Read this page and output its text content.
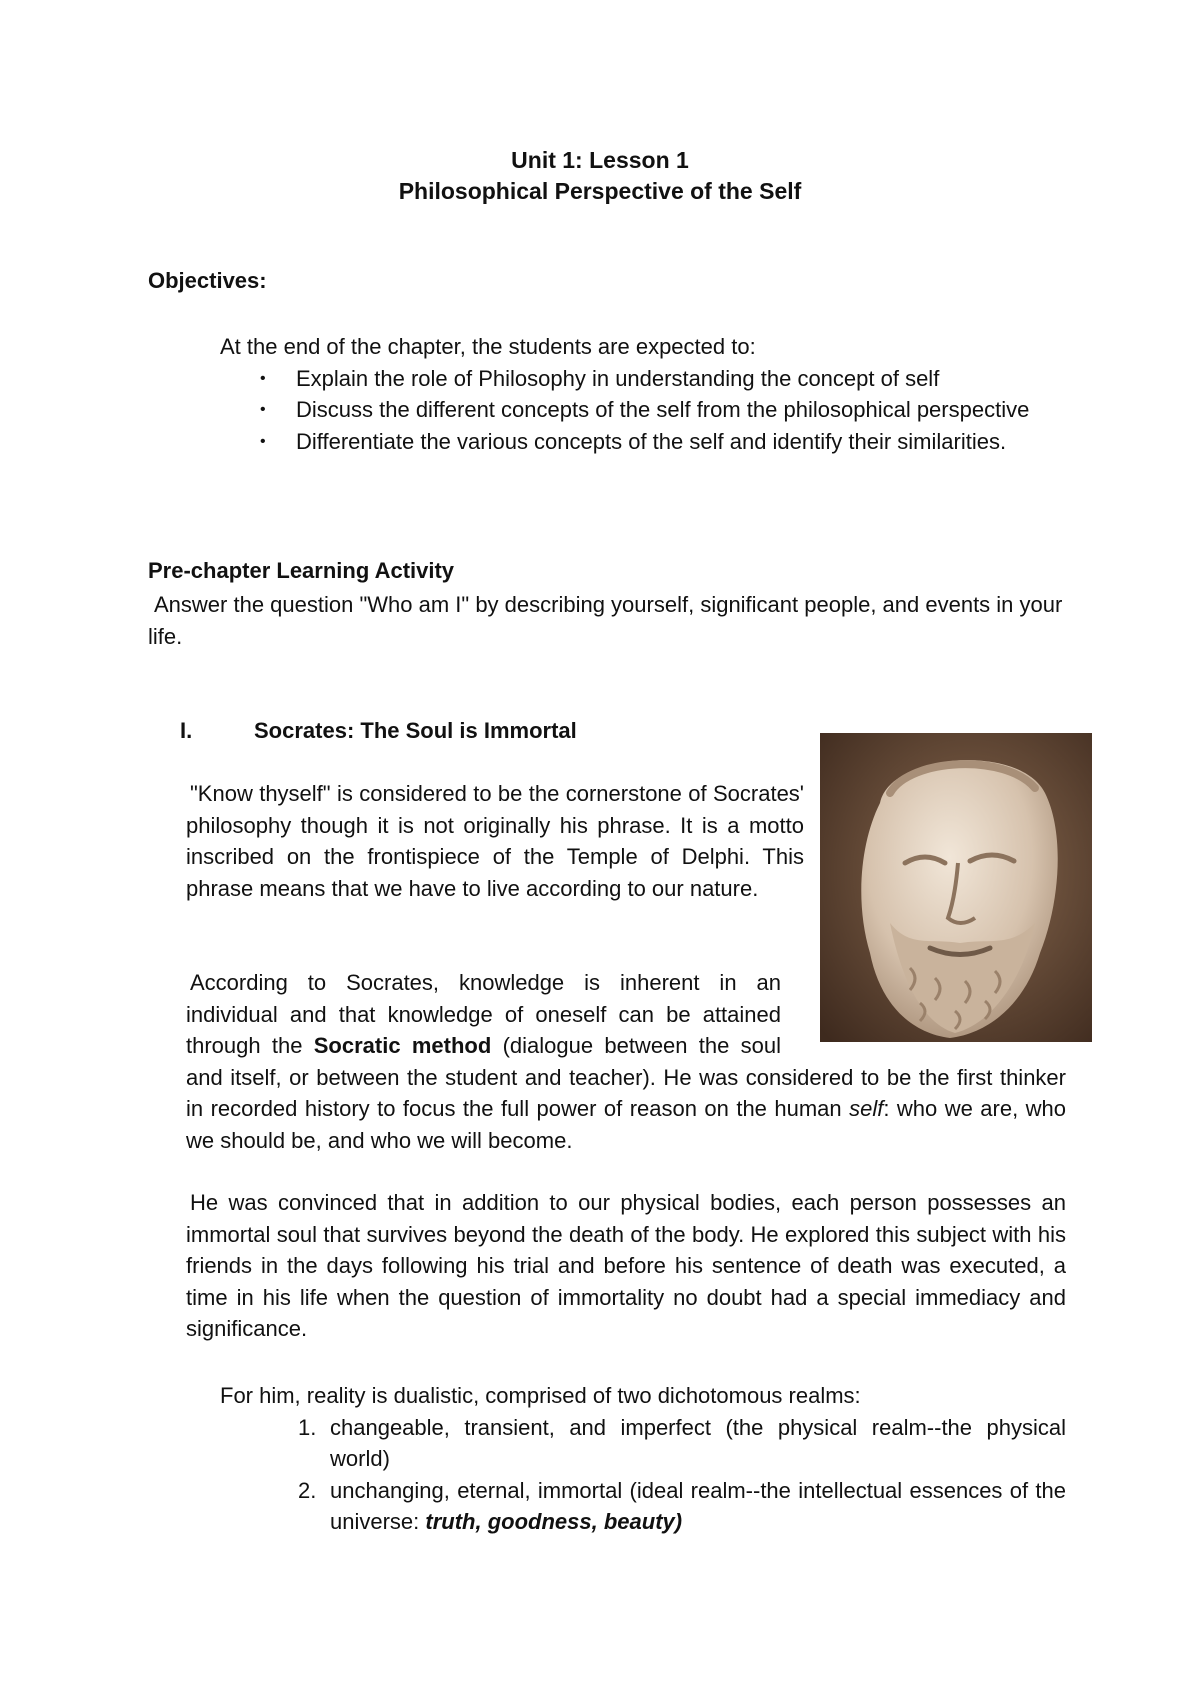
Unit 1: Lesson 1
Philosophical Perspective of the Self
Objectives:

At the end of the chapter, the students are expected to:

• Explain the role of Philosophy in understanding the concept of self
• Discuss the different concepts of the self from the philosophical perspective
• Differentiate the various concepts of the self and identify their similarities.
Pre-chapter Learning Activity

Answer the question "Who am I" by describing yourself, significant people, and events in your life.

I.	Socrates: The Soul is Immortal

"Know thyself" is considered to be the cornerstone of Socrates' philosophy though it is not originally his phrase. It is a motto inscribed on the frontispiece of the Temple of Delphi. This phrase means that we have to live according to our nature.

According to Socrates, knowledge is inherent in an individual and that knowledge of oneself can be attained through the Socratic method (dialogue between the soul and itself, or between the student and teacher). He was considered to be the first thinker in recorded history to focus the full power of reason on the human self: who we are, who we should be, and who we will become.

He was convinced that in addition to our physical bodies, each person possesses an immortal soul that survives beyond the death of the body. He explored this subject with his friends in the days following his trial and before his sentence of death was executed, a time in his life when the question of immortality no doubt had a special immediacy and significance.

For him, reality is dualistic, comprised of two dichotomous realms:

1. changeable, transient, and imperfect (the physical realm--the physical world)
2. unchanging, eternal, immortal (ideal realm--the intellectual essences of the universe: truth, goodness, beauty)
